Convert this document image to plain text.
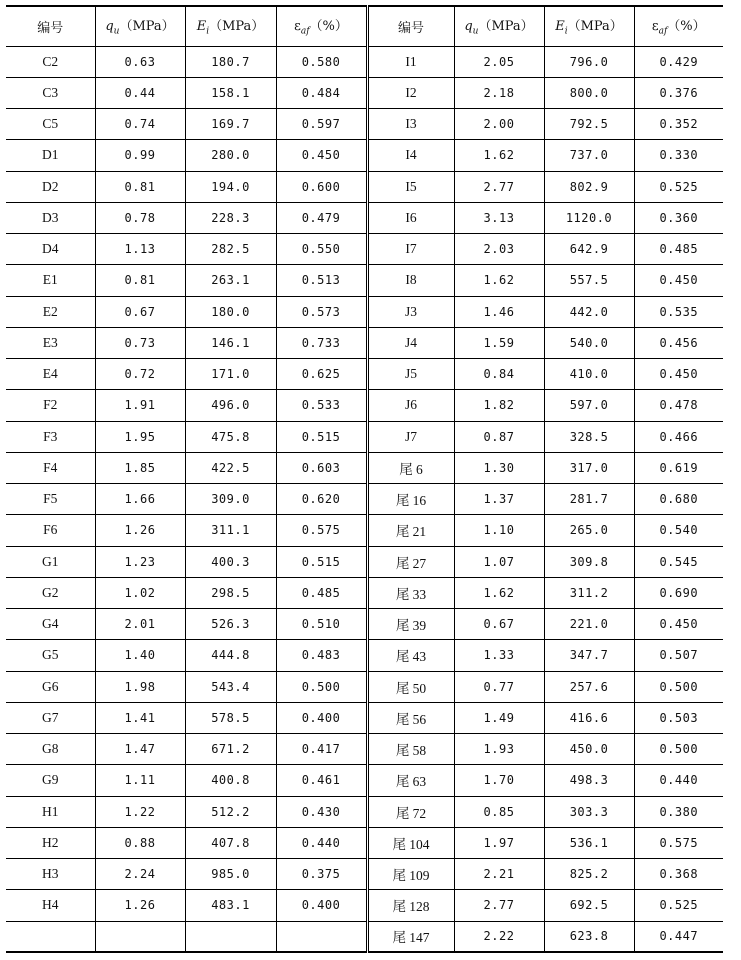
编号	$q_u(MPa)$	$E_i(MPa)$	$\varepsilon_{af}(\%)$	编号	$q_u(MPa)$	$E_i(MPa)$	$\varepsilon_{af}(\%)$
C2	0.63	180.7	0.580	I1	2.05	796.0	0.429
C3	0.44	158.1	0.484	I2	2.18	800.0	0.376
C5	0.74	169.7	0.597	I3	2.00	792.5	0.352
D1	0.99	280.0	0.450	I4	1.62	737.0	0.330
D2	0.81	194.0	0.600	I5	2.77	802.9	0.525
D3	0.78	228.3	0.479	I6	3.13	1120.0	0.360
D4	1.13	282.5	0.550	I7	2.03	642.9	0.485
E1	0.81	263.1	0.513	I8	1.62	557.5	0.450
E2	0.67	180.0	0.573	J3	1.46	442.0	0.535
E3	0.73	146.1	0.733	J4	1.59	540.0	0.456
E4	0.72	171.0	0.625	J5	0.84	410.0	0.450
F2	1.91	496.0	0.533	J6	1.82	597.0	0.478
F3	1.95	475.8	0.515	J7	0.87	328.5	0.466
F4	1.85	422.5	0.603	尾 6	1.30	317.0	0.619
F5	1.66	309.0	0.620	尾 16	1.37	281.7	0.680
F6	1.26	311.1	0.575	尾 21	1.10	265.0	0.540
G1	1.23	400.3	0.515	尾 27	1.07	309.8	0.545
G2	1.02	298.5	0.485	尾 33	1.62	311.2	0.690
G4	2.01	526.3	0.510	尾 39	0.67	221.0	0.450
G5	1.40	444.8	0.483	尾 43	1.33	347.7	0.507
G6	1.98	543.4	0.500	尾 50	0.77	257.6	0.500
G7	1.41	578.5	0.400	尾 56	1.49	416.6	0.503
G8	1.47	671.2	0.417	尾 58	1.93	450.0	0.500
G9	1.11	400.8	0.461	尾 63	1.70	498.3	0.440
H1	1.22	512.2	0.430	尾 72	0.85	303.3	0.380
H2	0.88	407.8	0.440	尾 104	1.97	536.1	0.575
H3	2.24	985.0	0.375	尾 109	2.21	825.2	0.368
H4	1.26	483.1	0.400	尾 128	2.77	692.5	0.525
				尾 147	2.22	623.8	0.447
